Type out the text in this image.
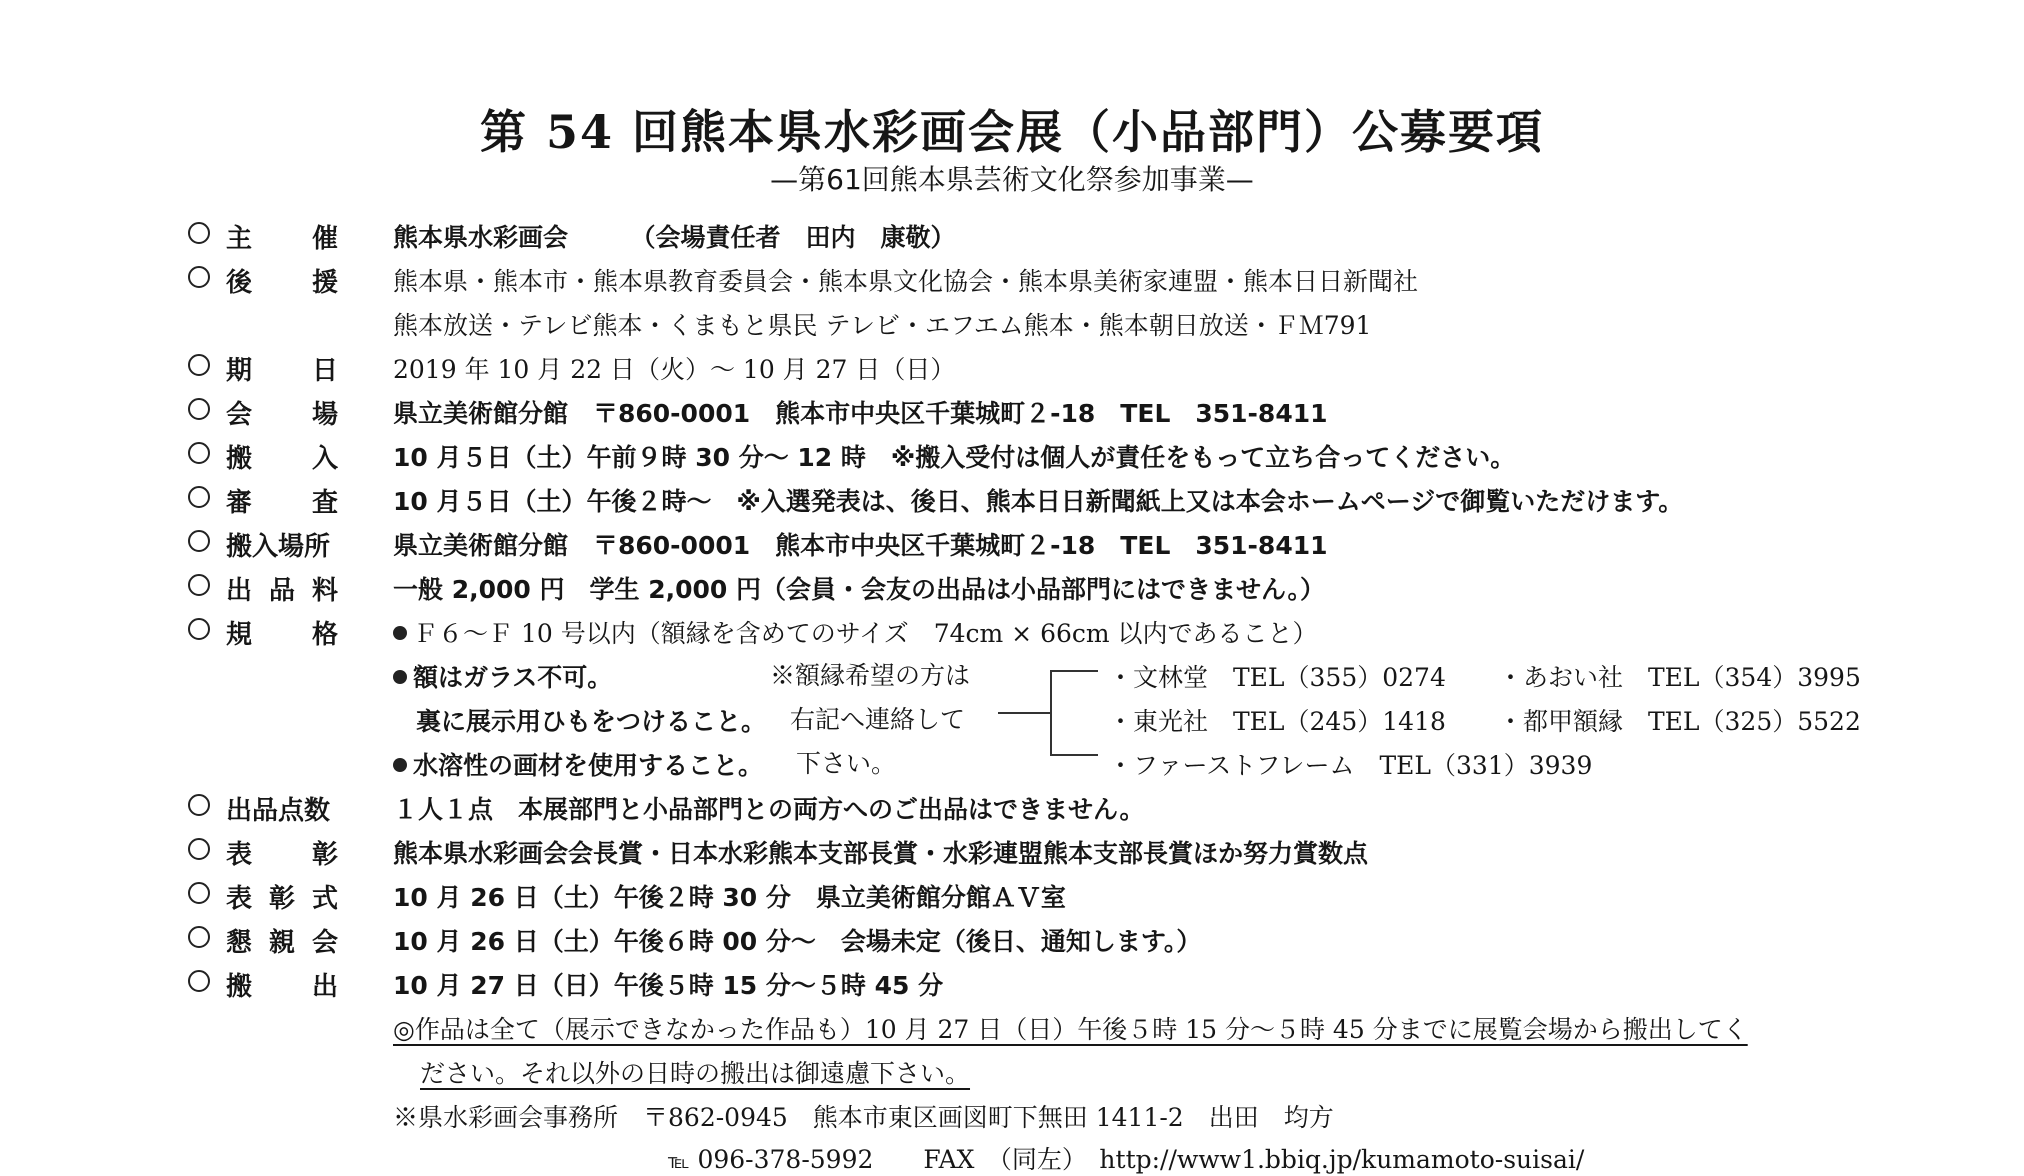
第 54 回熊本県水彩画会展（小品部門）公募要項
—第61回熊本県芸術文化祭参加事業—
主 催 熊本県水彩画会　　　（会場責任者　田内　康敬）
後 援 熊本県・熊本市・熊本県教育委員会・熊本県文化協会・熊本県美術家連盟・熊本日日新聞社
熊本放送・テレビ熊本・くまもと県民 テレビ・エフエム熊本・熊本朝日放送・ＦＭ791
期 日 2019 年 10 月 22 日（火）～ 10 月 27 日（日）
会 場 県立美術館分館　〒860-0001　熊本市中央区千葉城町２-18　TEL　351-8411
搬 入 10 月５日（土）午前９時 30 分～ 12 時　※搬入受付は個人が責任をもって立ち合ってください。
審 査 10 月５日（土）午後２時～　※入選発表は、後日、熊本日日新聞紙上又は本会ホームページで御覧いただけます。
搬入場所	県立美術館分館　〒860-0001　熊本市中央区千葉城町２-18　TEL　351-8411
出 品 料 一般 2,000 円　学生 2,000 円（会員・会友の出品は小品部門にはできません。）
規 格	Ｆ６～Ｆ 10 号以内（額縁を含めてのサイズ　74cm × 66cm 以内であること）
額はガラス不可。
裏に展示用ひもをつけること。
水溶性の画材を使用すること。
※額縁希望の方は
右記へ連絡して
下さい。
・文林堂　TEL（355）0274 ・あおい社　TEL（354）3995
・東光社　TEL（245）1418 ・都甲額縁　TEL（325）5522
・ファーストフレーム　TEL（331）3939
出品点数	１人１点　本展部門と小品部門との両方へのご出品はできません。
表 彰 熊本県水彩画会会長賞・日本水彩熊本支部長賞・水彩連盟熊本支部長賞ほか努力賞数点
表 彰 式 10 月 26 日（土）午後２時 30 分　県立美術館分館ＡＶ室
懇 親 会 10 月 26 日（土）午後６時 00 分～　会場未定（後日、通知します。）
搬 出 10 月 27 日（日）午後５時 15 分～５時 45 分
◎作品は全て（展示できなかった作品も）10 月 27 日（日）午後５時 15 分～５時 45 分までに展覧会場から搬出してく
ださい。それ以外の日時の搬出は御遠慮下さい。
※県水彩画会事務所　〒862-0945　熊本市東区画図町下無田 1411-2　出田　均方
℡ 096-378-5992　　FAX　（同左）　http://www1.bbiq.jp/kumamoto-suisai/
